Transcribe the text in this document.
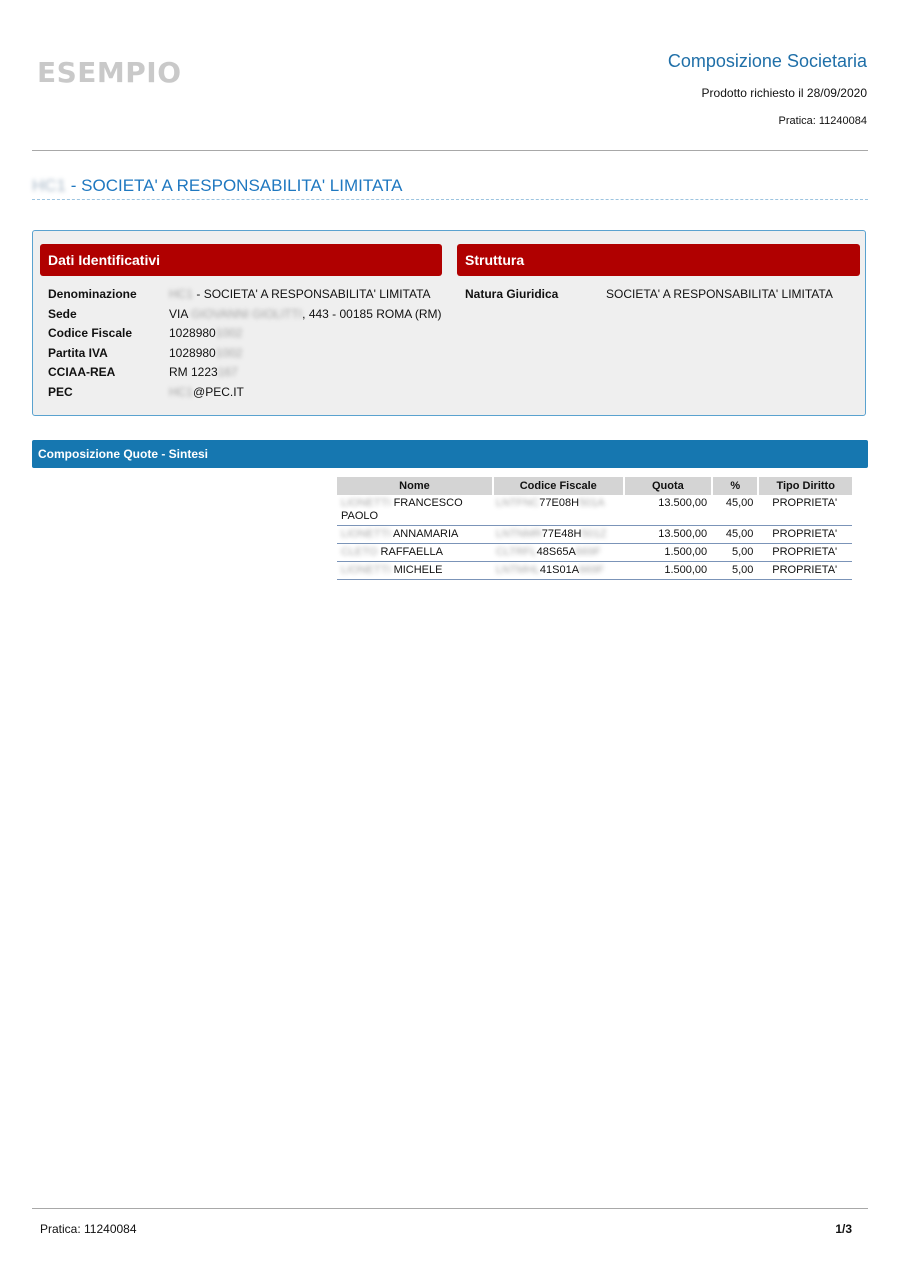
ESEMPIO	Composizione Societaria
Prodotto richiesto il 28/09/2020
Pratica: 11240084
HC1 - SOCIETA' A RESPONSABILITA' LIMITATA
Dati Identificativi	Struttura
Denominazione	HC1 - SOCIETA' A RESPONSABILITA' LIMITATA
Sede	VIA GIOVANNI GIOLITTI, 443 - 00185 ROMA (RM)
Codice Fiscale	10289801002
Partita IVA	10289801002
CCIAA-REA	RM 1223167
PEC	HC1@PEC.IT
Natura Giuridica	SOCIETA' A RESPONSABILITA' LIMITATA
Composizione Quote - Sintesi
Nome	Codice Fiscale	Quota	%	Tipo Diritto
LIONETTI FRANCESCO
PAOLO	LNTFNC77E08H501A	13.500,00	45,00	PROPRIETA'
LIONETTI ANNAMARIA	LNTNMR77E48H501Z	13.500,00	45,00	PROPRIETA'
CLETO RAFFAELLA	CLTRFL48S65A669F	1.500,00	5,00	PROPRIETA'
LIONETTI MICHELE	LNTMHL41S01A669F	1.500,00	5,00	PROPRIETA'
Pratica: 11240084	1/3
